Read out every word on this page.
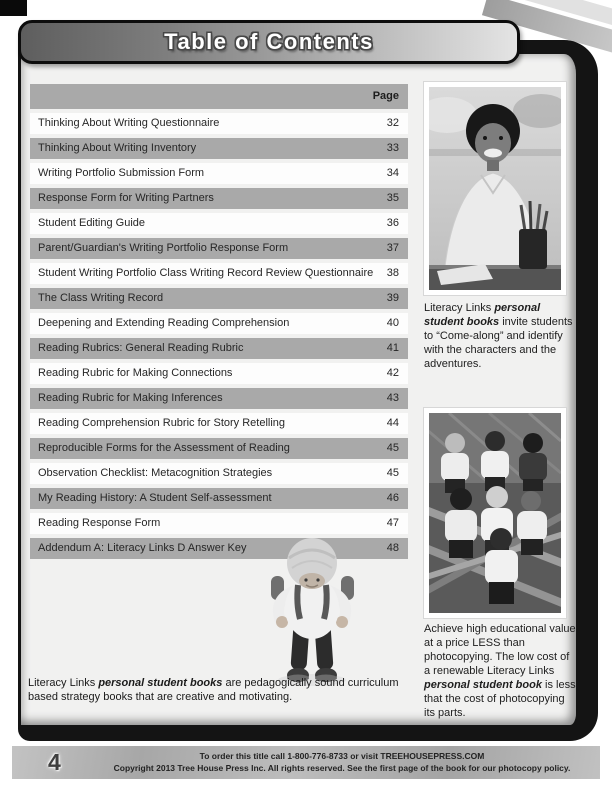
Table of Contents
Page
Thinking About Writing Questionnaire	32
Thinking About Writing Inventory	33
Writing Portfolio Submission Form	34
Response Form for Writing Partners	35
Student Editing Guide	36
Parent/Guardian's Writing Portfolio Response Form	37
Student Writing Portfolio Class Writing Record Review Questionnaire 38
The Class Writing Record	39
Deepening and Extending Reading Comprehension	40
Reading Rubrics: General Reading Rubric	41
Reading Rubric for Making Connections	42
Reading Rubric for Making Inferences	43
Reading Comprehension Rubric for Story Retelling	44
Reproducible Forms for the Assessment of Reading	45
Observation Checklist: Metacognition Strategies	45
My Reading History: A Student Self-assessment	46
Reading Response Form	47
Addendum A: Literacy Links D Answer Key	48
Literacy Links personal student books invite students to “Come-along” and identify with the characters and the adventures.
Achieve high educational value at a price LESS than photocopying. The low cost of a renewable Literacy Links personal student book is less that the cost of photocopying its parts.
Literacy Links personal student books are pedagogically sound curriculum based strategy books that are creative and motivating.
4	To order this title call 1-800-776-8733 or visit TREEHOUSEPRESS.COM
Copyright 2013 Tree House Press Inc. All rights reserved. See the first page of the book for our photocopy policy.
